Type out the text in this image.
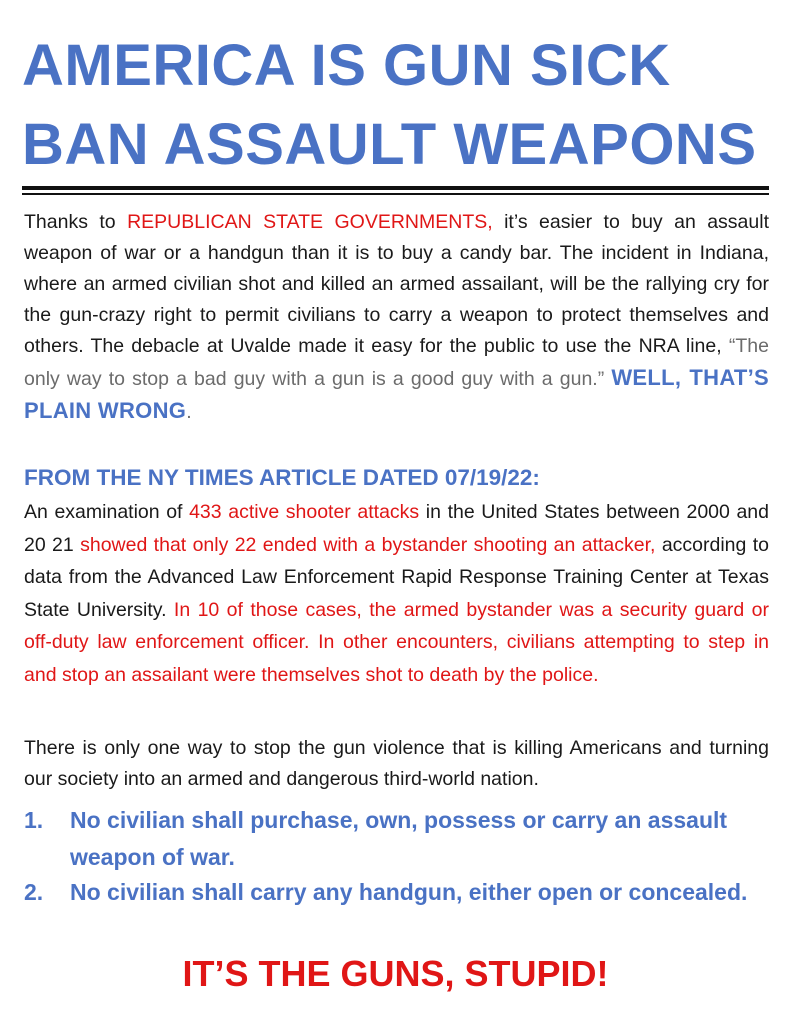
AMERICA IS GUN SICK
BAN ASSAULT WEAPONS
Thanks to REPUBLICAN STATE GOVERNMENTS, it’s easier to buy an assault weapon of war or a handgun than it is to buy a candy bar. The incident in Indiana, where an armed civilian shot and killed an armed assailant, will be the rallying cry for the gun-crazy right to permit civilians to carry a weapon to protect themselves and others. The debacle at Uvalde made it easy for the public to use the NRA line, “The only way to stop a bad guy with a gun is a good guy with a gun.” WELL, THAT’S PLAIN WRONG.
FROM THE NY TIMES ARTICLE DATED 07/19/22:
An examination of 433 active shooter attacks in the United States between 2000 and 20 21 showed that only 22 ended with a bystander shooting an attacker, according to data from the Advanced Law Enforcement Rapid Response Training Center at Texas State University. In 10 of those cases, the armed bystander was a security guard or off-duty law enforcement officer. In other encounters, civilians attempting to step in and stop an assailant were themselves shot to death by the police.
There is only one way to stop the gun violence that is killing Americans and turning our society into an armed and dangerous third-world nation.
1.	No civilian shall purchase, own, possess or carry an assault weapon of war.
2.	No civilian shall carry any handgun, either open or concealed.
IT’S THE GUNS, STUPID!
